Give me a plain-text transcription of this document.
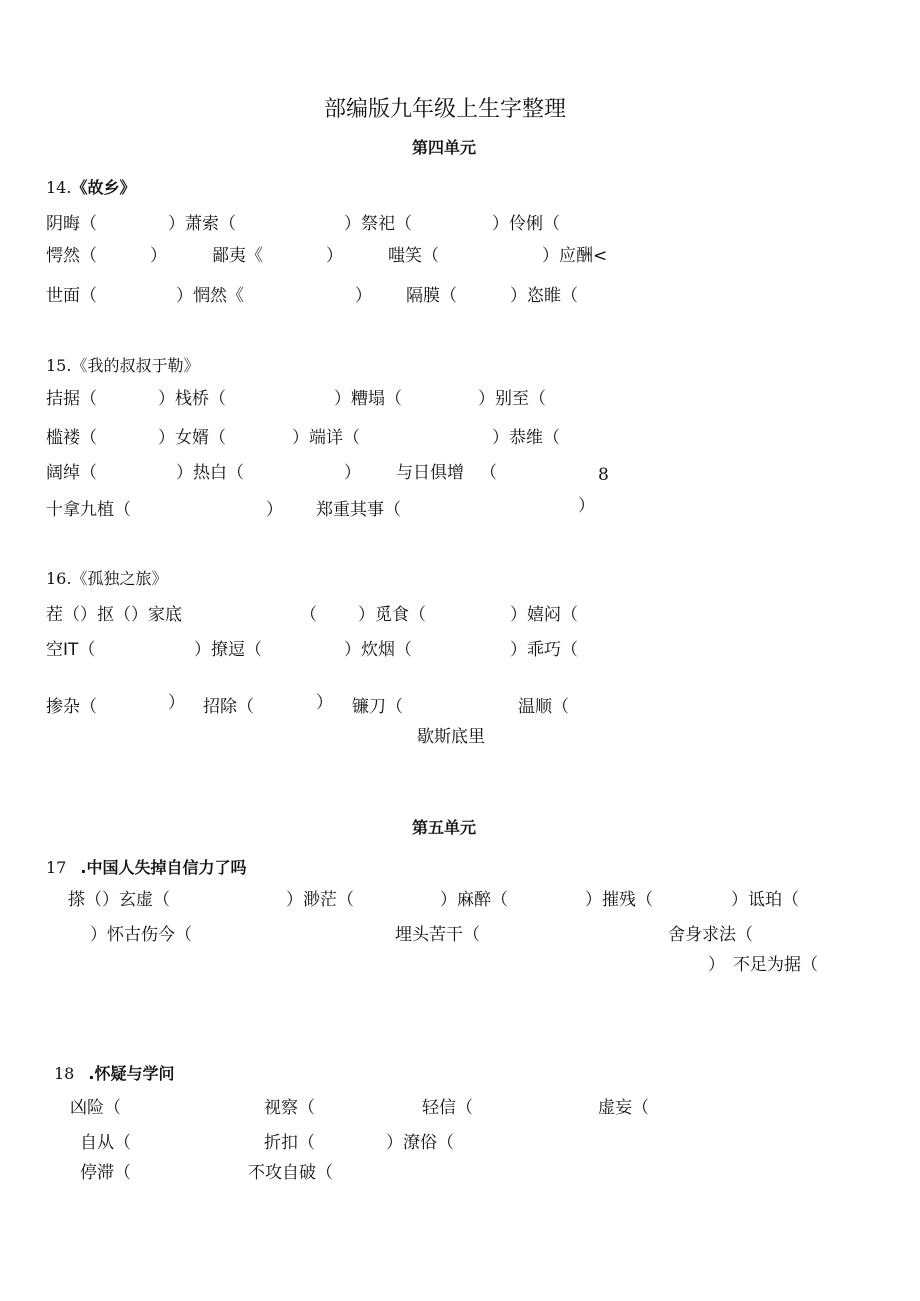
部编版九年级上生字整理
第四单元
14.《故乡》
阴晦（	）萧索（	）祭祀（	）伶俐（
愕然（	）	鄙夷《	）	嗤笑（	）应酬<
世面（	）惘然《	） 隔膜（	）恣睢（
15.《我的叔叔于勒》
拮据（	）栈桥（	）糟塌（	）别至（
槛褛（	）女婿（	）端详（	）恭维（
阔绰（	）热白（	） 与日俱增 （	8
十拿九植（	） 郑重其事（	）
16.《孤独之旅》
茬（）抠（）家底	（ ）觅食（	）嬉闷（
空IT（	）撩逗（	）炊烟（	）乖巧（
掺杂（	） 招除（	） 镰刀（	温顺（
歇斯底里
第五单元
17 .中国人失掉自信力了吗
搽（）玄虚（	）渺茫（	）麻醉（	）摧残（	）诋珀（
）怀古伤今（	埋头苦干（	舍身求法（
） 不足为据（
18 .怀疑与学问
凶险（	视察（	轻信（	虚妄（
自从（	折扣（	）潦俗（
停滞（	不攻自破（
